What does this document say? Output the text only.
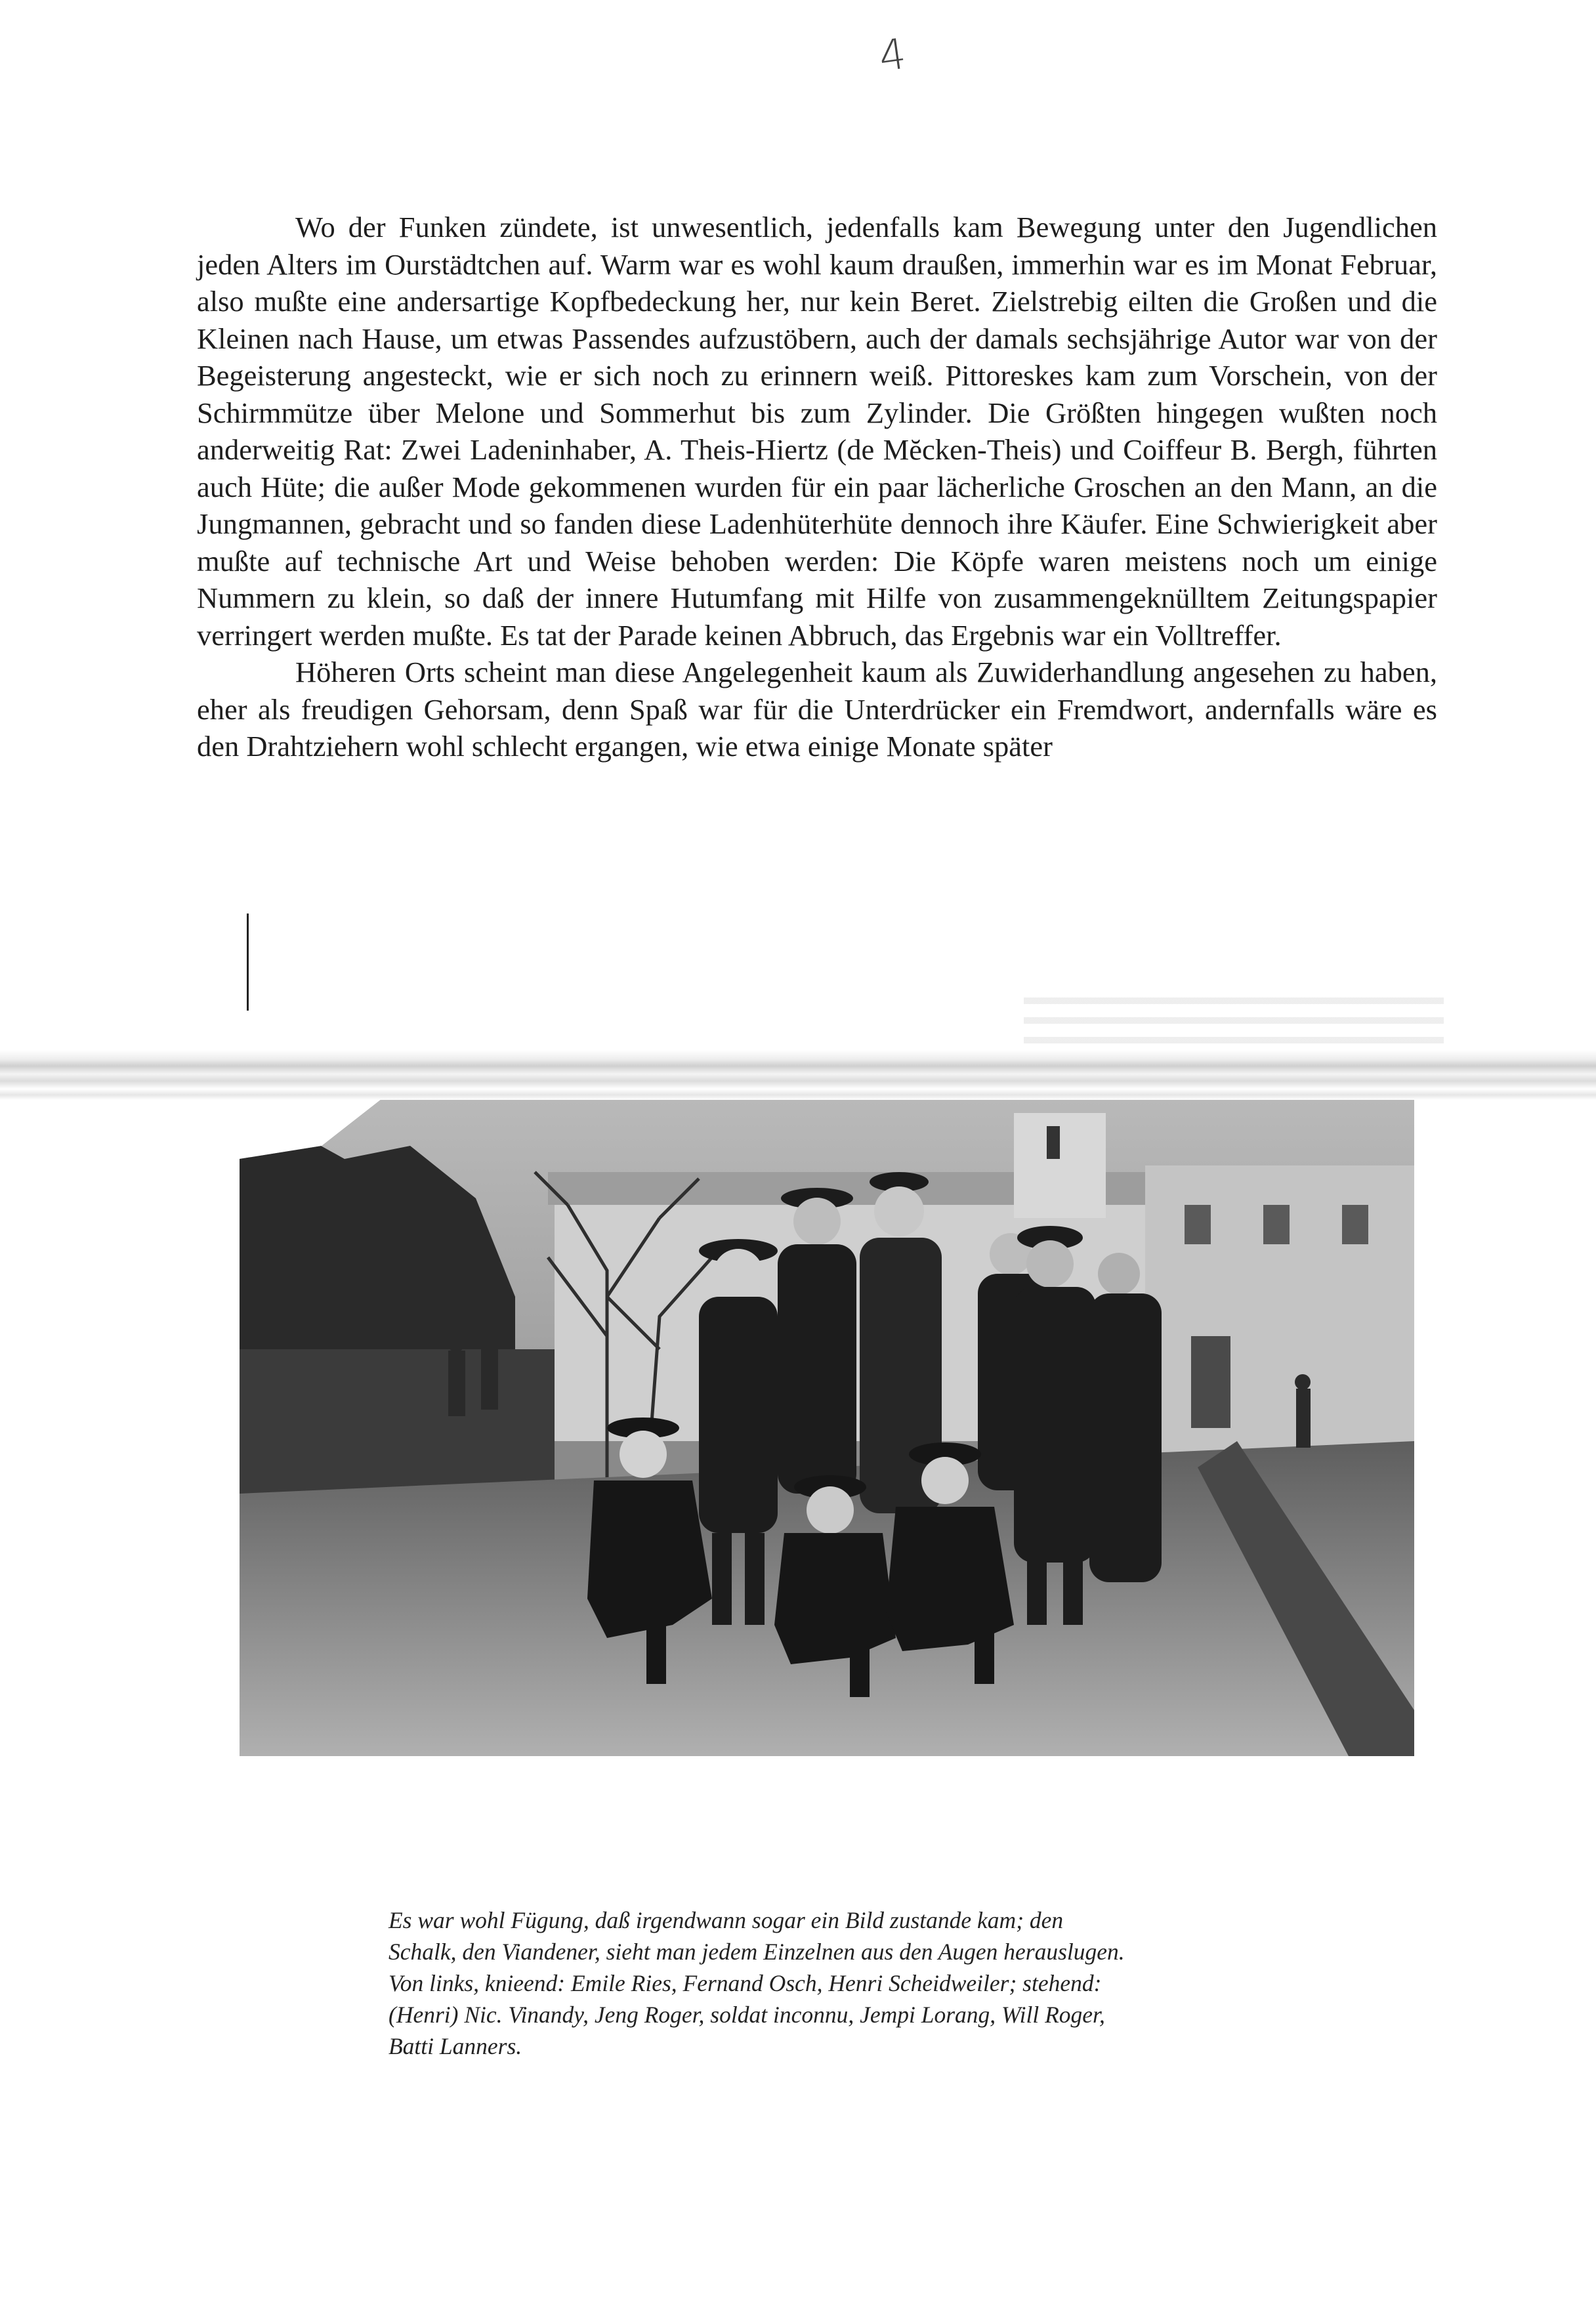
4

Wo der Funken zündete, ist unwesentlich, jedenfalls kam Bewegung unter den Jugendlichen jeden Alters im Ourstädtchen auf. Warm war es wohl kaum draußen, immerhin war es im Monat Februar, also mußte eine andersartige Kopfbedeckung her, nur kein Beret. Zielstrebig eilten die Großen und die Kleinen nach Hause, um etwas Passendes aufzustöbern, auch der damals sechsjährige Autor war von der Begeisterung angesteckt, wie er sich noch zu erinnern weiß. Pittoreskes kam zum Vorschein, von der Schirmmütze über Melone und Sommerhut bis zum Zylinder. Die Größten hingegen wußten noch anderweitig Rat: Zwei Ladeninhaber, A. Theis-Hiertz (de Mĕcken-Theis) und Coiffeur B. Bergh, führten auch Hüte; die außer Mode gekommenen wurden für ein paar lächerliche Groschen an den Mann, an die Jungmannen, gebracht und so fanden diese Ladenhüterhüte dennoch ihre Käufer. Eine Schwierigkeit aber mußte auf technische Art und Weise behoben werden: Die Köpfe waren meistens noch um einige Nummern zu klein, so daß der innere Hutumfang mit Hilfe von zusammengeknülltem Zeitungspapier verringert werden mußte. Es tat der Parade keinen Abbruch, das Ergebnis war ein Volltreffer.

Höheren Orts scheint man diese Angelegenheit kaum als Zuwiderhandlung angesehen zu haben, eher als freudigen Gehorsam, denn Spaß war für die Unterdrücker ein Fremdwort, andernfalls wäre es den Drahtziehern wohl schlecht ergangen, wie etwa einige Monate später

Es war wohl Fügung, daß irgendwann sogar ein Bild zustande kam; den
Schalk, den Viandener, sieht man jedem Einzelnen aus den Augen herauslugen.
Von links, knieend: Emile Ries, Fernand Osch, Henri Scheidweiler; stehend:
(Henri) Nic. Vinandy, Jeng Roger, soldat inconnu, Jempi Lorang, Will Roger,
Batti Lanners.
